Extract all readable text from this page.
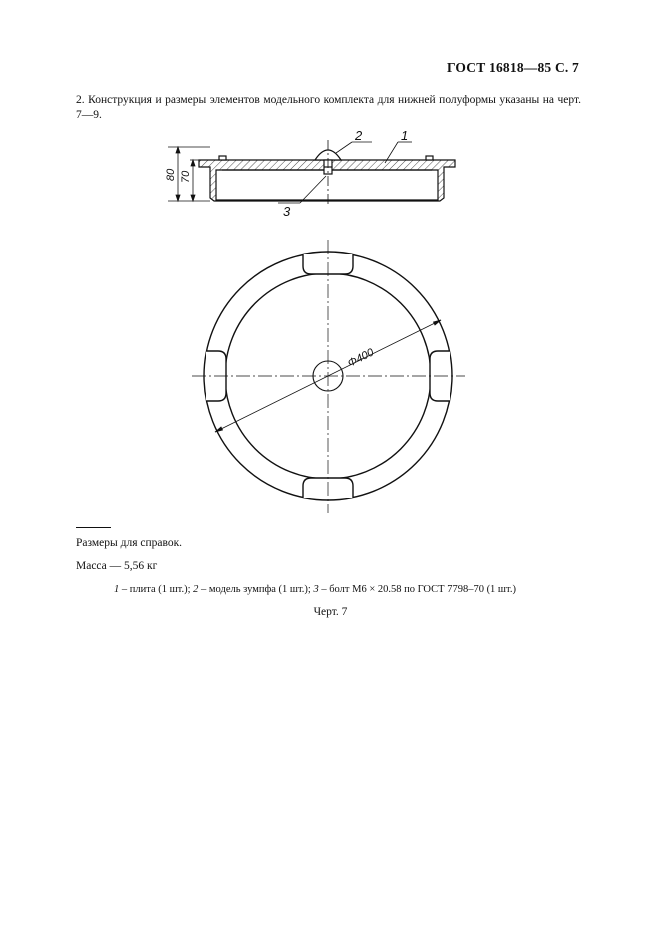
ГОСТ 16818—85 С. 7
2. Конструкция и размеры элементов модельного комплекта для нижней полуформы указаны на черт. 7—9.
80 70
2	1
3
Φ400
Размеры для справок.
Масса — 5,56 кг
1 – плита (1 шт.); 2 – модель зумпфа (1 шт.); 3 – болт М6 × 20.58 по ГОСТ 7798–70 (1 шт.)
Черт. 7
